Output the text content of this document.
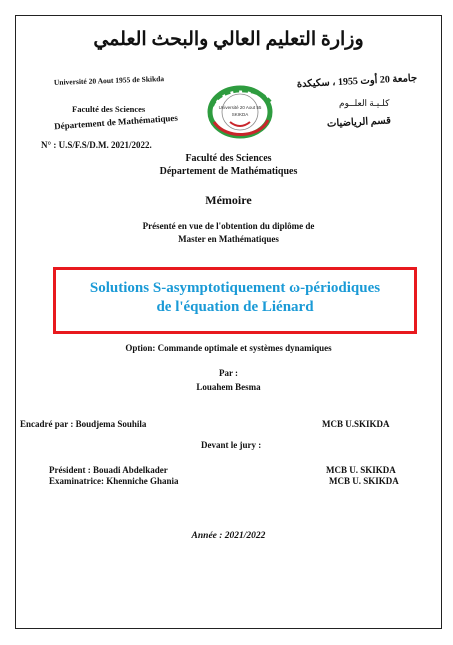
وزارة التعليم العالي والبحث العلمي
Université 20 Aout 1955 de Skikda
Faculté des Sciences
Département de Mathématiques
Université 20 Aout 55
SKIKDA
جامعة 20 أوت 1955 ، سكيكدة
كلـيـة العلــوم
قسم الرياضيات
N° : U.S/F.S/D.M. 2021/2022.
Faculté des Sciences
Département de Mathématiques
Mémoire
Présenté en vue de l'obtention du diplôme de
Master en Mathématiques
Solutions S-asymptotiquement ω-périodiques
de l'équation de Liénard
Option: Commande optimale et systèmes dynamiques
Par :
Louahem Besma
Encadré par : Boudjema Souhila	MCB U.SKIKDA
Devant le jury :
Président : Bouadi Abdelkader	MCB U. SKIKDA
Examinatrice: Khenniche Ghania	MCB U. SKIKDA
Année : 2021/2022
